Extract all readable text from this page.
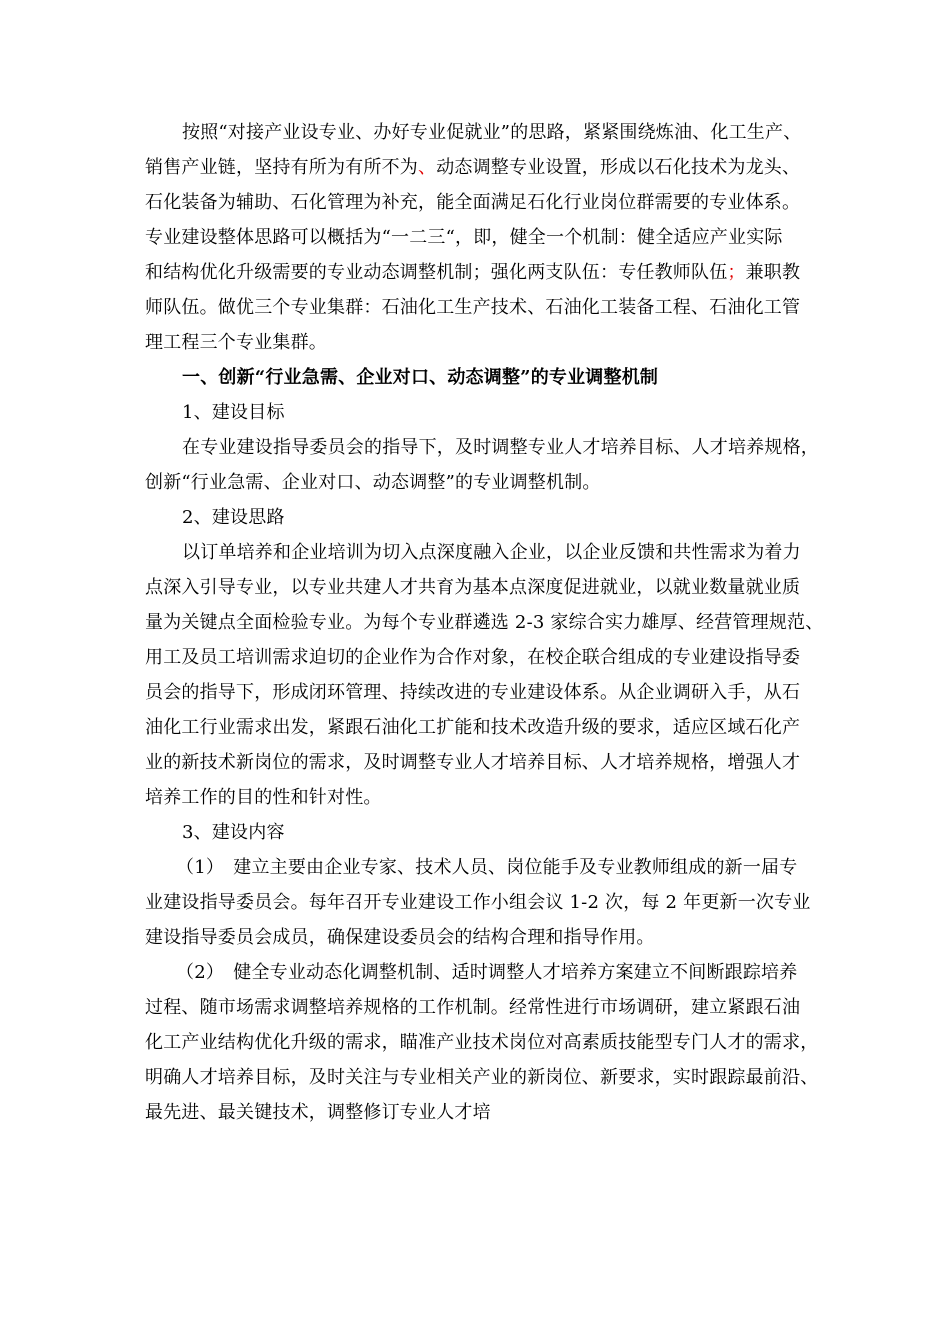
按照“对接产业设专业、办好专业促就业”的思路，紧紧围绕炼油、化工生产、
销售产业链，坚持有所为有所不为、动态调整专业设置，形成以石化技术为龙头、
石化装备为辅助、石化管理为补充，能全面满足石化行业岗位群需要的专业体系。
专业建设整体思路可以概括为“一二三“，即，健全一个机制：健全适应产业实际
和结构优化升级需要的专业动态调整机制；强化两支队伍：专任教师队伍；兼职教
师队伍。做优三个专业集群：石油化工生产技术、石油化工装备工程、石油化工管
理工程三个专业集群。
一、创新“行业急需、企业对口、动态调整”的专业调整机制
1、建设目标
在专业建设指导委员会的指导下，及时调整专业人才培养目标、人才培养规格，
创新“行业急需、企业对口、动态调整”的专业调整机制。
2、建设思路
以订单培养和企业培训为切入点深度融入企业，以企业反馈和共性需求为着力
点深入引导专业，以专业共建人才共育为基本点深度促进就业，以就业数量就业质
量为关键点全面检验专业。为每个专业群遴选 2-3 家综合实力雄厚、经营管理规范、
用工及员工培训需求迫切的企业作为合作对象，在校企联合组成的专业建设指导委
员会的指导下，形成闭环管理、持续改进的专业建设体系。从企业调研入手，从石
油化工行业需求出发，紧跟石油化工扩能和技术改造升级的要求，适应区域石化产
业的新技术新岗位的需求，及时调整专业人才培养目标、人才培养规格，增强人才
培养工作的目的性和针对性。
3、建设内容
（1）　建立主要由企业专家、技术人员、岗位能手及专业教师组成的新一届专
业建设指导委员会。每年召开专业建设工作小组会议 1-2 次，每 2 年更新一次专业
建设指导委员会成员，确保建设委员会的结构合理和指导作用。
（2）　健全专业动态化调整机制、适时调整人才培养方案建立不间断跟踪培养
过程、随市场需求调整培养规格的工作机制。经常性进行市场调研，建立紧跟石油
化工产业结构优化升级的需求，瞄准产业技术岗位对高素质技能型专门人才的需求，
明确人才培养目标，及时关注与专业相关产业的新岗位、新要求，实时跟踪最前沿、
最先进、最关键技术，调整修订专业人才培
